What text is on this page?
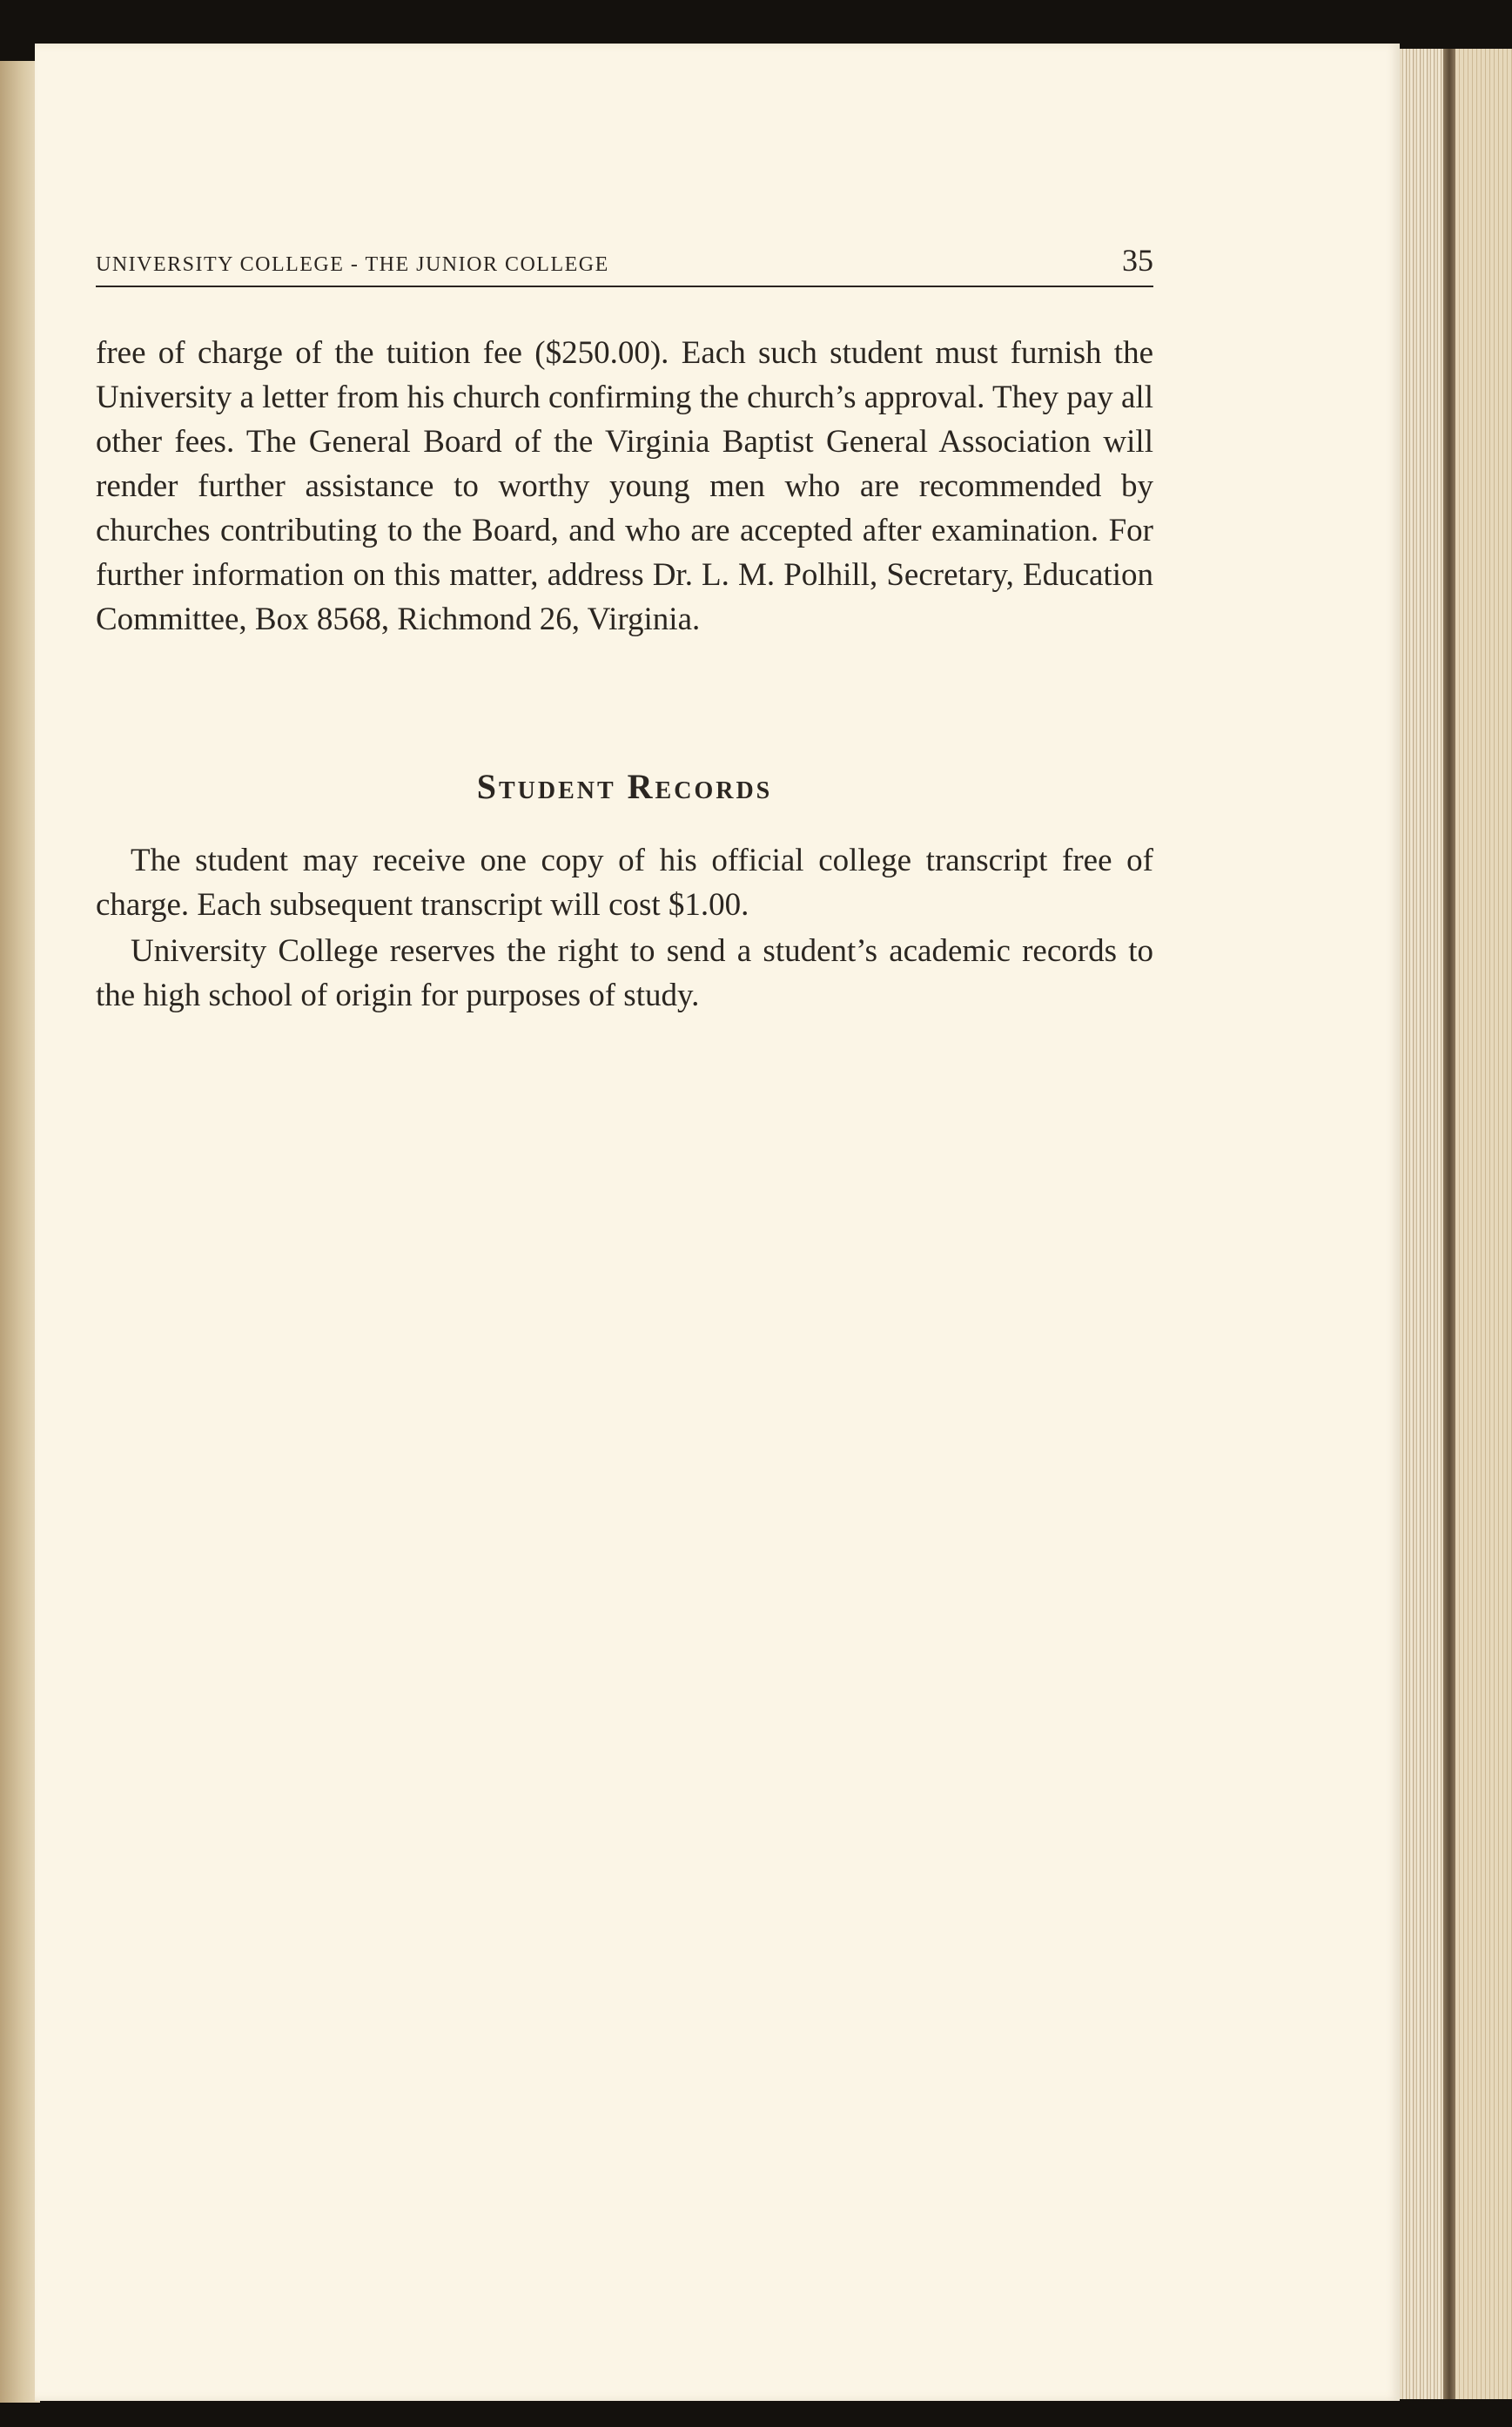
UNIVERSITY COLLEGE - THE JUNIOR COLLEGE	35

free of charge of the tuition fee ($250.00). Each such student must furnish the University a letter from his church confirming the church’s approval. They pay all other fees. The General Board of the Virginia Baptist General Association will render further assistance to worthy young men who are recommended by churches contributing to the Board, and who are accepted after examination. For further information on this matter, address Dr. L. M. Polhill, Secretary, Education Committee, Box 8568, Richmond 26, Virginia.

Student Records

The student may receive one copy of his official college transcript free of charge. Each subsequent transcript will cost $1.00.

University College reserves the right to send a student’s academic records to the high school of origin for purposes of study.
